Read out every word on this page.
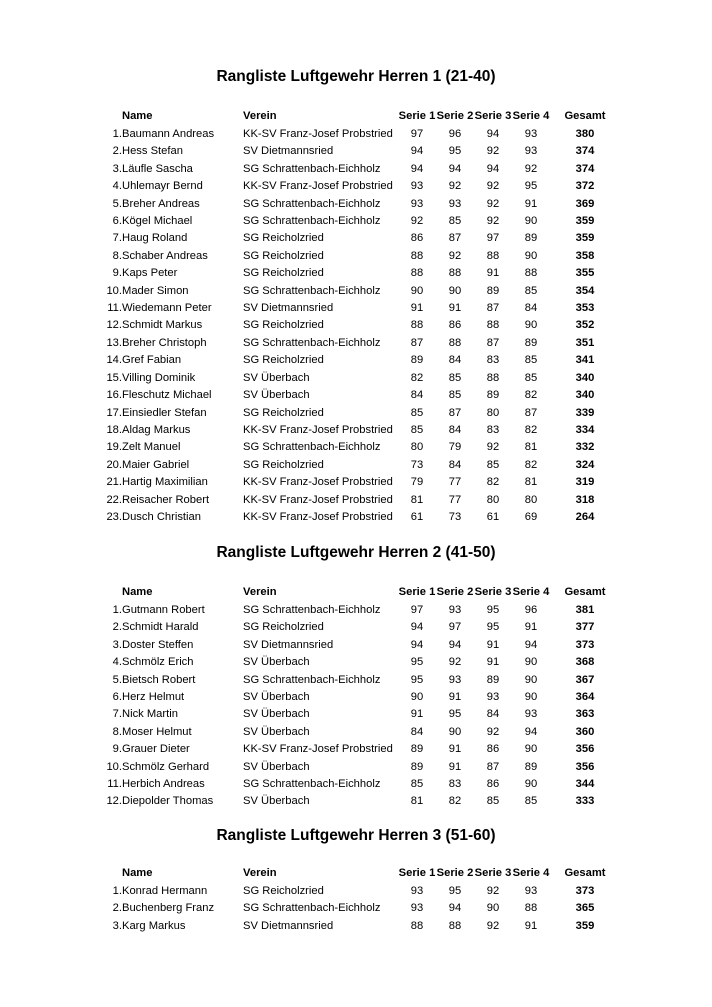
Rangliste Luftgewehr Herren 1 (21-40)
	Name	Verein	Serie 1	Serie 2	Serie 3	Serie 4	Gesamt
1.	Baumann Andreas	KK-SV Franz-Josef Probstried	97	96	94	93	380
2.	Hess Stefan	SV Dietmannsried	94	95	92	93	374
3.	Läufle Sascha	SG Schrattenbach-Eichholz	94	94	94	92	374
4.	Uhlemayr Bernd	KK-SV Franz-Josef Probstried	93	92	92	95	372
5.	Breher Andreas	SG Schrattenbach-Eichholz	93	93	92	91	369
6.	Kögel Michael	SG Schrattenbach-Eichholz	92	85	92	90	359
7.	Haug Roland	SG Reicholzried	86	87	97	89	359
8.	Schaber Andreas	SG Reicholzried	88	92	88	90	358
9.	Kaps Peter	SG Reicholzried	88	88	91	88	355
10.	Mader Simon	SG Schrattenbach-Eichholz	90	90	89	85	354
11.	Wiedemann Peter	SV Dietmannsried	91	91	87	84	353
12.	Schmidt Markus	SG Reicholzried	88	86	88	90	352
13.	Breher Christoph	SG Schrattenbach-Eichholz	87	88	87	89	351
14.	Gref Fabian	SG Reicholzried	89	84	83	85	341
15.	Villing Dominik	SV Überbach	82	85	88	85	340
16.	Fleschutz Michael	SV Überbach	84	85	89	82	340
17.	Einsiedler Stefan	SG Reicholzried	85	87	80	87	339
18.	Aldag Markus	KK-SV Franz-Josef Probstried	85	84	83	82	334
19.	Zelt Manuel	SG Schrattenbach-Eichholz	80	79	92	81	332
20.	Maier Gabriel	SG Reicholzried	73	84	85	82	324
21.	Hartig Maximilian	KK-SV Franz-Josef Probstried	79	77	82	81	319
22.	Reisacher Robert	KK-SV Franz-Josef Probstried	81	77	80	80	318
23.	Dusch Christian	KK-SV Franz-Josef Probstried	61	73	61	69	264
Rangliste Luftgewehr Herren 2 (41-50)
	Name	Verein	Serie 1	Serie 2	Serie 3	Serie 4	Gesamt
1.	Gutmann Robert	SG Schrattenbach-Eichholz	97	93	95	96	381
2.	Schmidt Harald	SG Reicholzried	94	97	95	91	377
3.	Doster Steffen	SV Dietmannsried	94	94	91	94	373
4.	Schmölz Erich	SV Überbach	95	92	91	90	368
5.	Bietsch Robert	SG Schrattenbach-Eichholz	95	93	89	90	367
6.	Herz Helmut	SV Überbach	90	91	93	90	364
7.	Nick Martin	SV Überbach	91	95	84	93	363
8.	Moser Helmut	SV Überbach	84	90	92	94	360
9.	Grauer Dieter	KK-SV Franz-Josef Probstried	89	91	86	90	356
10.	Schmölz Gerhard	SV Überbach	89	91	87	89	356
11.	Herbich Andreas	SG Schrattenbach-Eichholz	85	83	86	90	344
12.	Diepolder Thomas	SV Überbach	81	82	85	85	333
Rangliste Luftgewehr Herren 3 (51-60)
	Name	Verein	Serie 1	Serie 2	Serie 3	Serie 4	Gesamt
1.	Konrad Hermann	SG Reicholzried	93	95	92	93	373
2.	Buchenberg Franz	SG Schrattenbach-Eichholz	93	94	90	88	365
3.	Karg Markus	SV Dietmannsried	88	88	92	91	359
